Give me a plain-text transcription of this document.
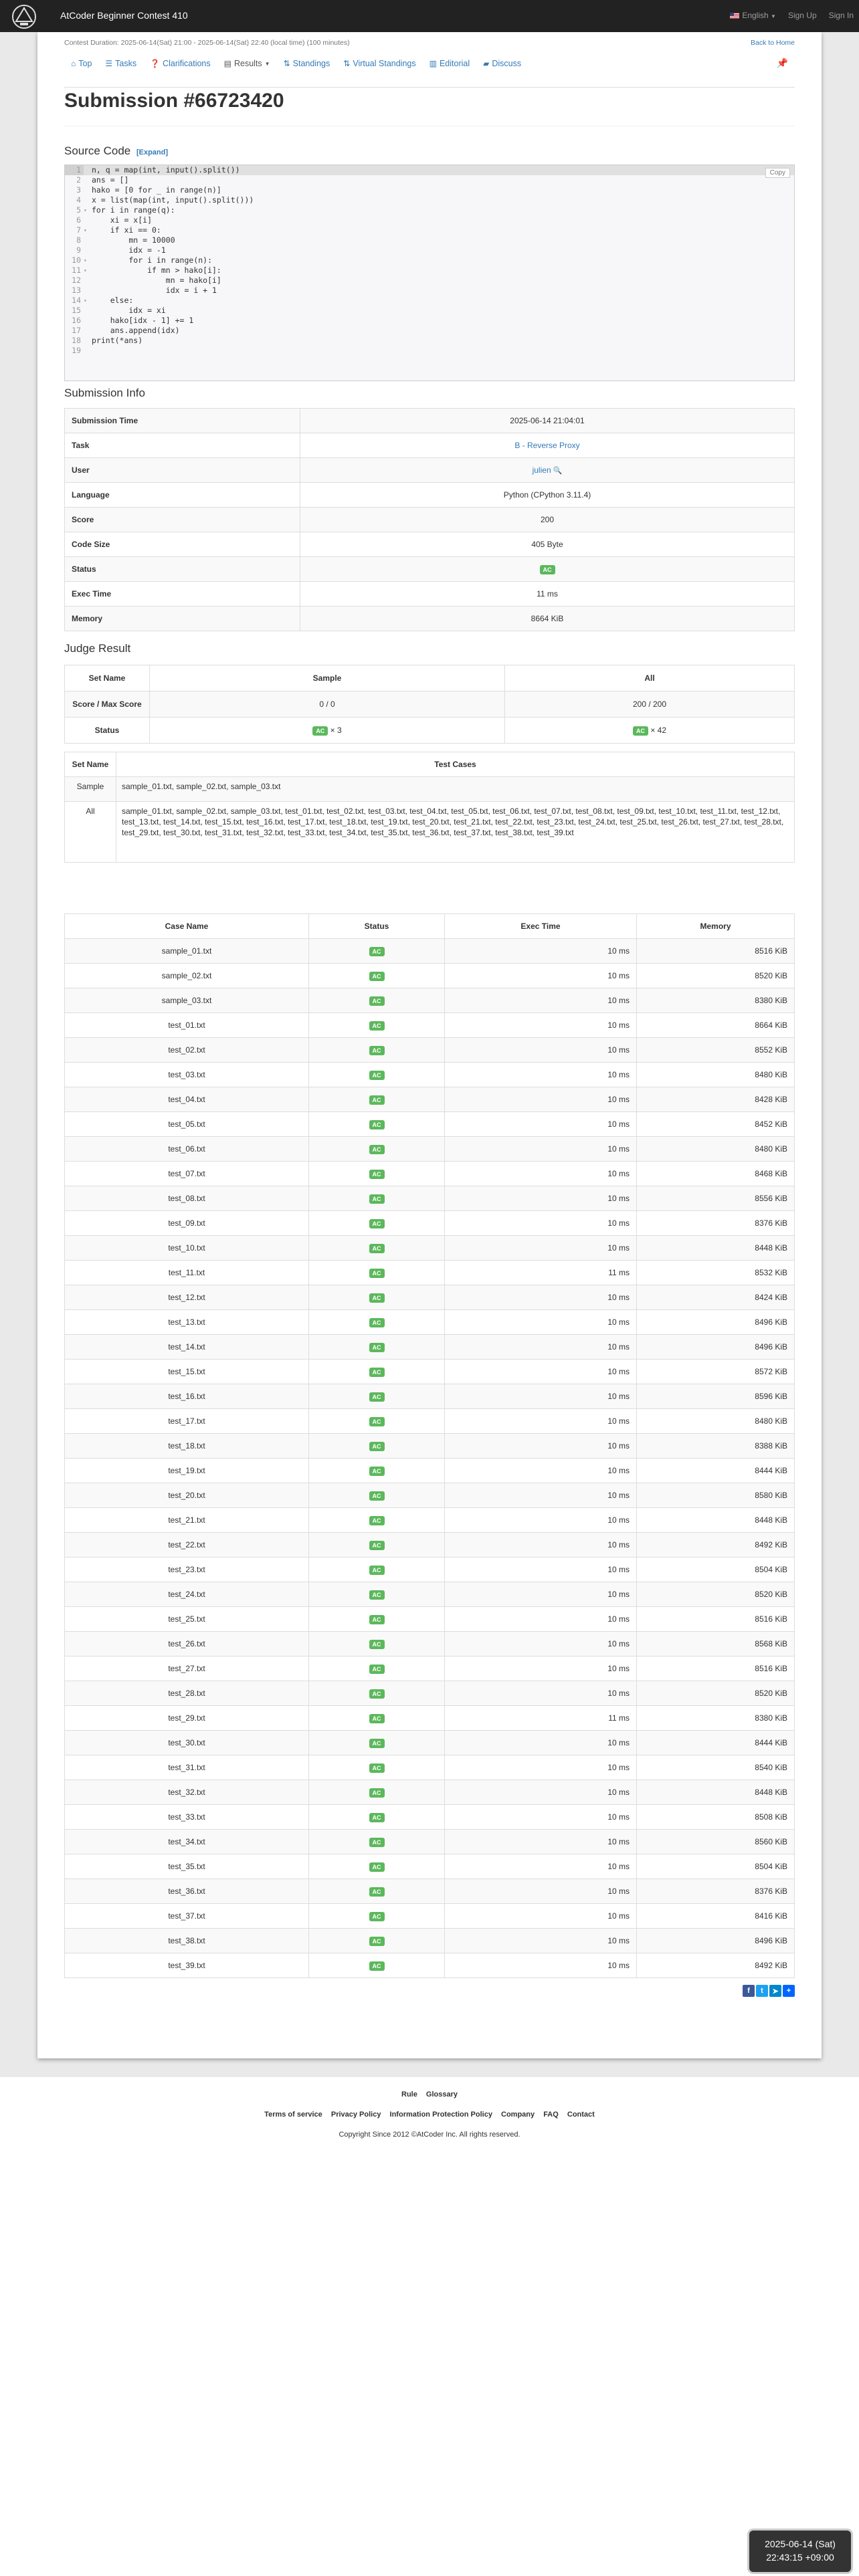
AtCoder Beginner Contest 410	English ▼ Sign Up Sign In
Contest Duration: 2025-06-14(Sat) 21:00 - 2025-06-14(Sat) 22:40 (local time) (100 minutes)	Back to Home
⌂ Top ☰ Tasks ❓ Clarifications ▤ Results ▼ ⇅ Standings ⇅ Virtual Standings ▥ Editorial ▰ Discuss	📌
Submission #66723420
Source Code [Expand]
1	n, q = map(int, input().split())
2	ans = []
3	hako = [0 for _ in range(n)]
4	x = list(map(int, input().split()))
5 ▾ for i in range(q):
6	xi = x[i]
7 ▾ if xi == 0:
8	mn = 10000
9	idx = -1
10 ▾ for i in range(n):
11 ▾ if mn > hako[i]:
12	mn = hako[i]
13	idx = i + 1
14 ▾ else:
15	idx = xi
16	hako[idx - 1] += 1
17	ans.append(idx)
18	print(*ans)
19
Copy
Submission Info
Submission Time	2025-06-14 21:04:01
Task	B - Reverse Proxy
User	julien 🔍
Language	Python (CPython 3.11.4)
Score	200
Code Size	405 Byte
Status	AC
Exec Time	11 ms
Memory	8664 KiB
Judge Result
Set Name	Sample	All
Score / Max Score	0 / 0	200 / 200
Status	AC × 3	AC × 42
Set Name	Test Cases
Sample	sample_01.txt, sample_02.txt, sample_03.txt
All	sample_01.txt, sample_02.txt, sample_03.txt, test_01.txt, test_02.txt, test_03.txt, test_04.txt, test_05.txt, test_06.txt, test_07.txt, test_08.txt, test_09.txt, test_10.txt, test_11.txt, test_12.txt, test_13.txt, test_14.txt, test_15.txt, test_16.txt, test_17.txt, test_18.txt, test_19.txt, test_20.txt, test_21.txt, test_22.txt, test_23.txt, test_24.txt, test_25.txt, test_26.txt, test_27.txt, test_28.txt, test_29.txt, test_30.txt, test_31.txt, test_32.txt, test_33.txt, test_34.txt, test_35.txt, test_36.txt, test_37.txt, test_38.txt, test_39.txt
Case Name	Status	Exec Time	Memory
sample_01.txt	AC	10 ms	8516 KiB
sample_02.txt	AC	10 ms	8520 KiB
sample_03.txt	AC	10 ms	8380 KiB
test_01.txt	AC	10 ms	8664 KiB
test_02.txt	AC	10 ms	8552 KiB
test_03.txt	AC	10 ms	8480 KiB
test_04.txt	AC	10 ms	8428 KiB
test_05.txt	AC	10 ms	8452 KiB
test_06.txt	AC	10 ms	8480 KiB
test_07.txt	AC	10 ms	8468 KiB
test_08.txt	AC	10 ms	8556 KiB
test_09.txt	AC	10 ms	8376 KiB
test_10.txt	AC	10 ms	8448 KiB
test_11.txt	AC	11 ms	8532 KiB
test_12.txt	AC	10 ms	8424 KiB
test_13.txt	AC	10 ms	8496 KiB
test_14.txt	AC	10 ms	8496 KiB
test_15.txt	AC	10 ms	8572 KiB
test_16.txt	AC	10 ms	8596 KiB
test_17.txt	AC	10 ms	8480 KiB
test_18.txt	AC	10 ms	8388 KiB
test_19.txt	AC	10 ms	8444 KiB
test_20.txt	AC	10 ms	8580 KiB
test_21.txt	AC	10 ms	8448 KiB
test_22.txt	AC	10 ms	8492 KiB
test_23.txt	AC	10 ms	8504 KiB
test_24.txt	AC	10 ms	8520 KiB
test_25.txt	AC	10 ms	8516 KiB
test_26.txt	AC	10 ms	8568 KiB
test_27.txt	AC	10 ms	8516 KiB
test_28.txt	AC	10 ms	8520 KiB
test_29.txt	AC	11 ms	8380 KiB
test_30.txt	AC	10 ms	8444 KiB
test_31.txt	AC	10 ms	8540 KiB
test_32.txt	AC	10 ms	8448 KiB
test_33.txt	AC	10 ms	8508 KiB
test_34.txt	AC	10 ms	8560 KiB
test_35.txt	AC	10 ms	8504 KiB
test_36.txt	AC	10 ms	8376 KiB
test_37.txt	AC	10 ms	8416 KiB
test_38.txt	AC	10 ms	8496 KiB
test_39.txt	AC	10 ms	8492 KiB
f	t	➤	+
Rule Glossary
Terms of service Privacy Policy Information Protection Policy Company FAQ Contact
Copyright Since 2012 ©AtCoder Inc. All rights reserved.
2025-06-14 (Sat)
22:43:15 +09:00
